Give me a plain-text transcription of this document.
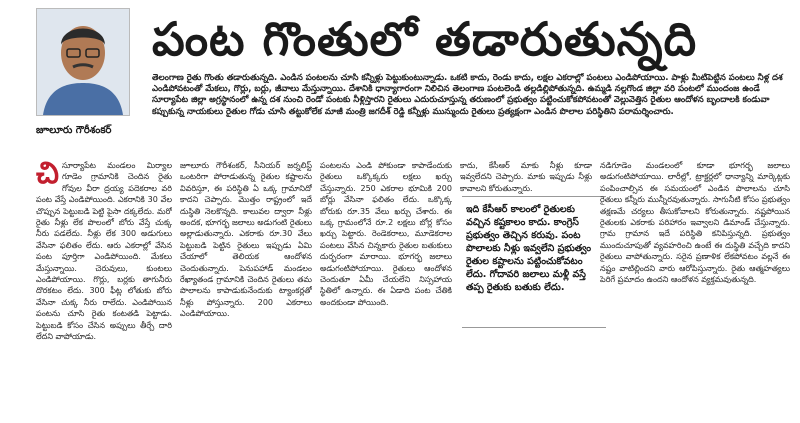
జూలూరు గౌరీశంకర్
పంట గొంతులో తడారుతున్నది
తెలంగాణ రైతు గొంతు తడారుతున్నది. ఎండిన పంటలను చూసి కన్నీళ్లు పెట్టుకుంటున్నాడు. ఒకటి కాదు, రెండు కాదు, లక్షల ఎకరాల్లో పంటలు ఎండిపోయాయి. పాళ్లు మీటిపెట్టిన పంటలు నీళ్ల దశ ఎండిపోవటంతో మేకలు, గొర్లు, బర్లు, జీవాలు మేస్తున్నాయి. దేశానికి ధాన్యాగారంగా నిలిచిన తెలంగాణ పంటలెండి తల్లడిల్లిపోతున్నది. ఉమ్మడి నల్లగొండ జిల్లా వరి పంటలో ముందంజ ఉండే సూర్యాపేట జిల్లా అగ్రస్థానంలో ఉన్న దశ నుంచి రెండో పంటకు నీళ్లిస్తారని రైతులు ఎదురుచూస్తున్న తరుణంలో ప్రభుత్వం పట్టించుకోకపోవటంతో వెల్లువెత్తిన రైతుల ఆందోళన బృందాలకి కండువా కప్పుకున్న నాయకులు రైతుల గోడు చూసి తట్టుకోలేక మాజీ మంత్రి జగదీశ్ రెడ్డి కన్నీళ్లు మున్ముందు రైతులు ప్రత్యక్షంగా ఎండిన పొలాల పరిస్థితిని పరామర్శించారు.
చిసూర్యాపేట మండలం మిర్యాల గూడెం గ్రామానికి చెందిన రైతు గోవుల వీరా ద్రయ్య పదెకరాల వరి పంట వేస్తే ఎండిపోయింది. ఎకరానికి 30 వేల చొప్పున పెట్టుబడి పెట్టి పైసా దక్కలేదు. మరో రైతు నీళ్లు లేక పొలంలో బోరు వేస్తే చుక్క నీరు పడలేదు. నీళ్లు లేక 300 అడుగులు వేసినా ఫలితం లేదు. ఆరు ఎకరాల్లో వేసిన పంట పూర్తిగా ఎండిపోయింది. మేకలు మేస్తున్నాయి. చెరువులు, కుంటలు ఎండిపోయాయి. గొర్లు, బర్లకు తాగునీరు దొరకటం లేదు. 300 ఫీట్ల లోతుకు బోరు వేసినా చుక్క నీరు రాలేదు. ఎండిపోయిన పంటను చూసి రైతు కంటతడి పెట్టాడు. పెట్టుబడి కోసం చేసిన అప్పులు తీర్చే దారి లేదని వాపోయాడు.
జూలూరు గౌరీశంకర్, సీనియర్ జర్నలిస్ట్ ఒంటరిగా పోరాడుతున్న రైతుల కష్టాలను వివరిస్తూ, ఈ పరిస్థితి ఏ ఒక్క గ్రామానిదో కాదని చెప్పారు. మొత్తం రాష్ట్రంలో ఇదే దుస్థితి నెలకొన్నది. కాలువల ద్వారా నీళ్లు అందక, భూగర్భ జలాలు అడుగంటి రైతులు అల్లాడుతున్నారు. ఎకరాకు రూ.30 వేలు పెట్టుబడి పెట్టిన రైతులు ఇప్పుడు ఏమి చేయాలో తెలియక ఆందోళన చెందుతున్నారు. పెనుపహాడ్ మండలం రేఖ్యాతండ గ్రామానికి చెందిన రైతులు తమ పొలాలను కాపాడుకునేందుకు ట్యాంకర్లతో నీళ్లు పోస్తున్నారు. 200 ఎకరాలు ఎండిపోయాయి.
పంటలను ఎండి పోకుండా కాపాడేందుకు రైతులు ఒక్కొక్కరు లక్షలు ఖర్చు చేస్తున్నారు. 250 ఎకరాల భూమికి 200 బోర్లు వేసినా ఫలితం లేదు. ఒక్కొక్క బోరుకు రూ.35 వేలు ఖర్చు చేశారు. ఈ ఒక్క గ్రామంలోనే రూ.2 లక్షలు బోర్ల కోసం ఖర్చు పెట్టారు. రెండెకరాలు, మూడెకరాల పంటలు వేసిన చిన్నకారు రైతుల బతుకులు దుర్భరంగా మారాయి. భూగర్భ జలాలు అడుగంటిపోయాయి. రైతులు ఆందోళన చెందుతూ ఏమీ చేయలేని నిస్సహాయ స్థితిలో ఉన్నారు. ఈ ఏడాది పంట చేతికి అందకుండా పోయింది.
కాదు, కేసీఆర్ మాకు నీళ్లు కూడా ఇవ్వలేదని చెప్పారు. మాకు ఇప్పుడు నీళ్లు కావాలని కోరుతున్నారు.
ఇది కేసీఆర్ కాలంలో రైతులకు వచ్చిన కష్టకాలం కాదు. కాంగ్రెస్ ప్రభుత్వం తెచ్చిన కరువు. పంట పొలాలకు నీళ్లు ఇవ్వలేని ప్రభుత్వం రైతుల కష్టాలను పట్టించుకోవటం లేదు. గోదావరి జలాలు మళ్లీ వస్తే తప్ప రైతుకు బతుకు లేదు.
నడిగూడెం మండలంలో కూడా భూగర్భ జలాలు అడుగంటిపోయాయి. లారీల్లో, ట్రాక్టర్లలో ధాన్యాన్ని మార్కెట్లకు పంపించాల్సిన ఈ సమయంలో ఎండిన పొలాలను చూసి రైతులు కన్నీరు మున్నీరవుతున్నారు. సాగునీటి కోసం ప్రభుత్వం తక్షణమే చర్యలు తీసుకోవాలని కోరుతున్నారు. నష్టపోయిన రైతులకు ఎకరాకు పరిహారం ఇవ్వాలని డిమాండ్ చేస్తున్నారు. గ్రామ గ్రామాన ఇదే పరిస్థితి కనిపిస్తున్నది. ప్రభుత్వం ముందుచూపుతో వ్యవహరించి ఉంటే ఈ దుస్థితి వచ్చేది కాదని రైతులు వాపోతున్నారు. సరైన ప్రణాళిక లేకపోవటం వల్లనే ఈ నష్టం వాటిల్లిందని వారు ఆరోపిస్తున్నారు. రైతు ఆత్మహత్యలు పెరిగే ప్రమాదం ఉందని ఆందోళన వ్యక్తమవుతున్నది.
